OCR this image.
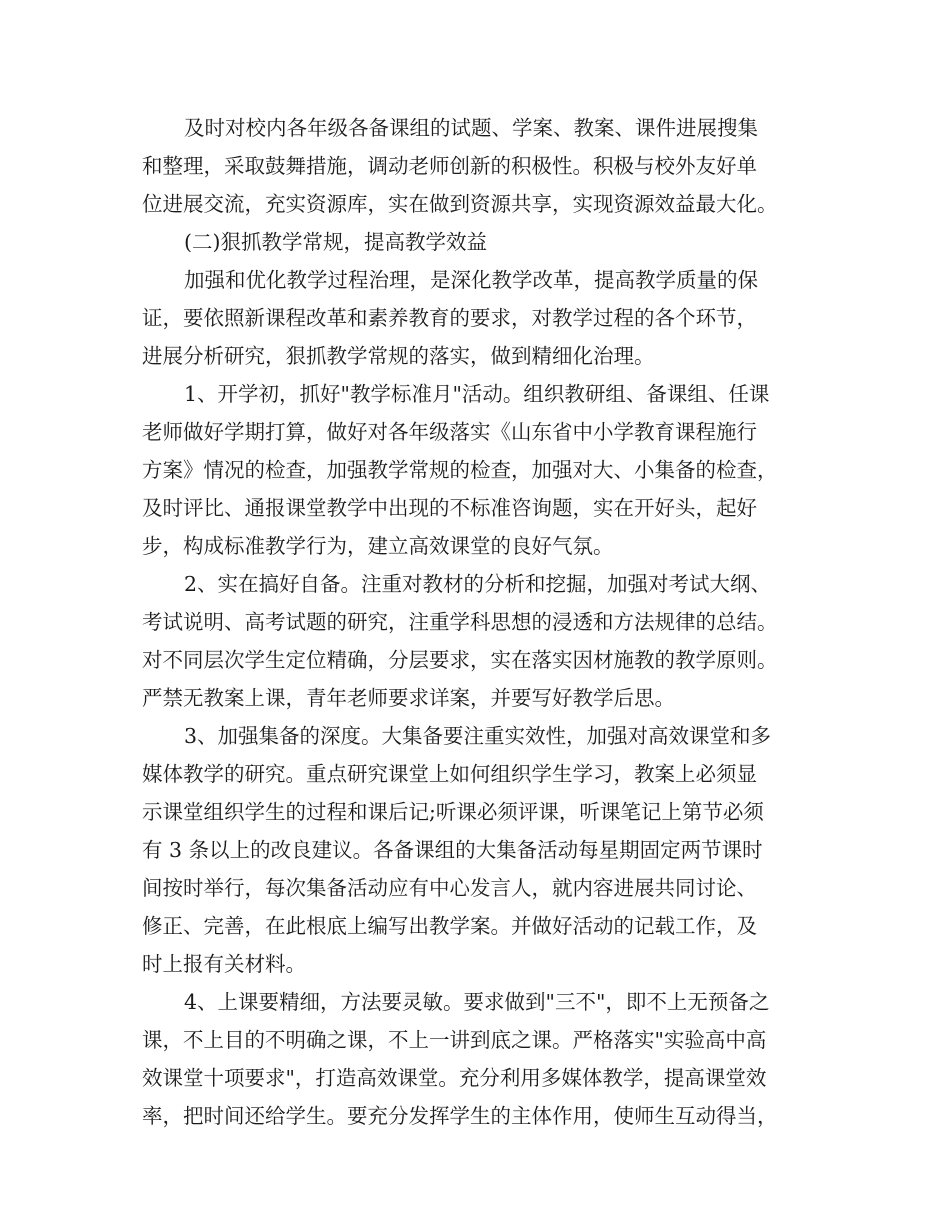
及时对校内各年级各备课组的试题、学案、教案、课件进展搜集
和整理，采取鼓舞措施，调动老师创新的积极性。积极与校外友好单
位进展交流，充实资源库，实在做到资源共享，实现资源效益最大化。
(二)狠抓教学常规，提高教学效益
加强和优化教学过程治理，是深化教学改革，提高教学质量的保
证，要依照新课程改革和素养教育的要求，对教学过程的各个环节，
进展分析研究，狠抓教学常规的落实，做到精细化治理。
1、开学初，抓好"教学标准月"活动。组织教研组、备课组、任课
老师做好学期打算，做好对各年级落实《山东省中小学教育课程施行
方案》情况的检查，加强教学常规的检查，加强对大、小集备的检查，
及时评比、通报课堂教学中出现的不标准咨询题，实在开好头，起好
步，构成标准教学行为，建立高效课堂的良好气氛。
2、实在搞好自备。注重对教材的分析和挖掘，加强对考试大纲、
考试说明、高考试题的研究，注重学科思想的浸透和方法规律的总结。
对不同层次学生定位精确，分层要求，实在落实因材施教的教学原则。
严禁无教案上课，青年老师要求详案，并要写好教学后思。
3、加强集备的深度。大集备要注重实效性，加强对高效课堂和多
媒体教学的研究。重点研究课堂上如何组织学生学习，教案上必须显
示课堂组织学生的过程和课后记;听课必须评课，听课笔记上第节必须
有 3 条以上的改良建议。各备课组的大集备活动每星期固定两节课时
间按时举行，每次集备活动应有中心发言人，就内容进展共同讨论、
修正、完善，在此根底上编写出教学案。并做好活动的记载工作，及
时上报有关材料。
4、上课要精细，方法要灵敏。要求做到"三不"，即不上无预备之
课，不上目的不明确之课，不上一讲到底之课。严格落实"实验高中高
效课堂十项要求"，打造高效课堂。充分利用多媒体教学，提高课堂效
率，把时间还给学生。要充分发挥学生的主体作用，使师生互动得当，
